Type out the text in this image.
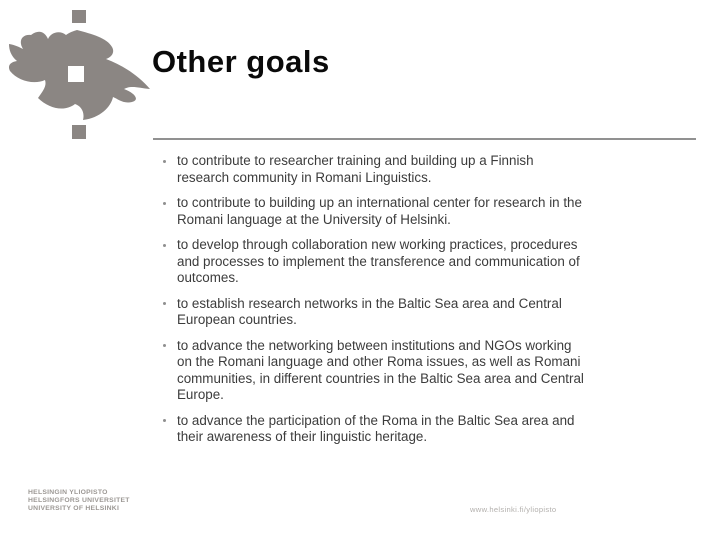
Other goals
to contribute to researcher training and building up a Finnish
research community in Romani Linguistics.
to contribute to building up an international center for research in the
Romani language at the University of Helsinki.
to develop through collaboration new working practices, procedures
and processes to implement the transference and communication of
outcomes.
to establish research networks in the Baltic Sea area and Central
European countries.
to advance the networking between institutions and NGOs working
on the Romani language and other Roma issues, as well as Romani
communities, in different countries in the Baltic Sea area and Central
Europe.
to advance the participation of the Roma in the Baltic Sea area and
their awareness of their linguistic heritage.
HELSINGIN YLIOPISTO
HELSINGFORS UNIVERSITET
UNIVERSITY OF HELSINKI	www.helsinki.fi/yliopisto
